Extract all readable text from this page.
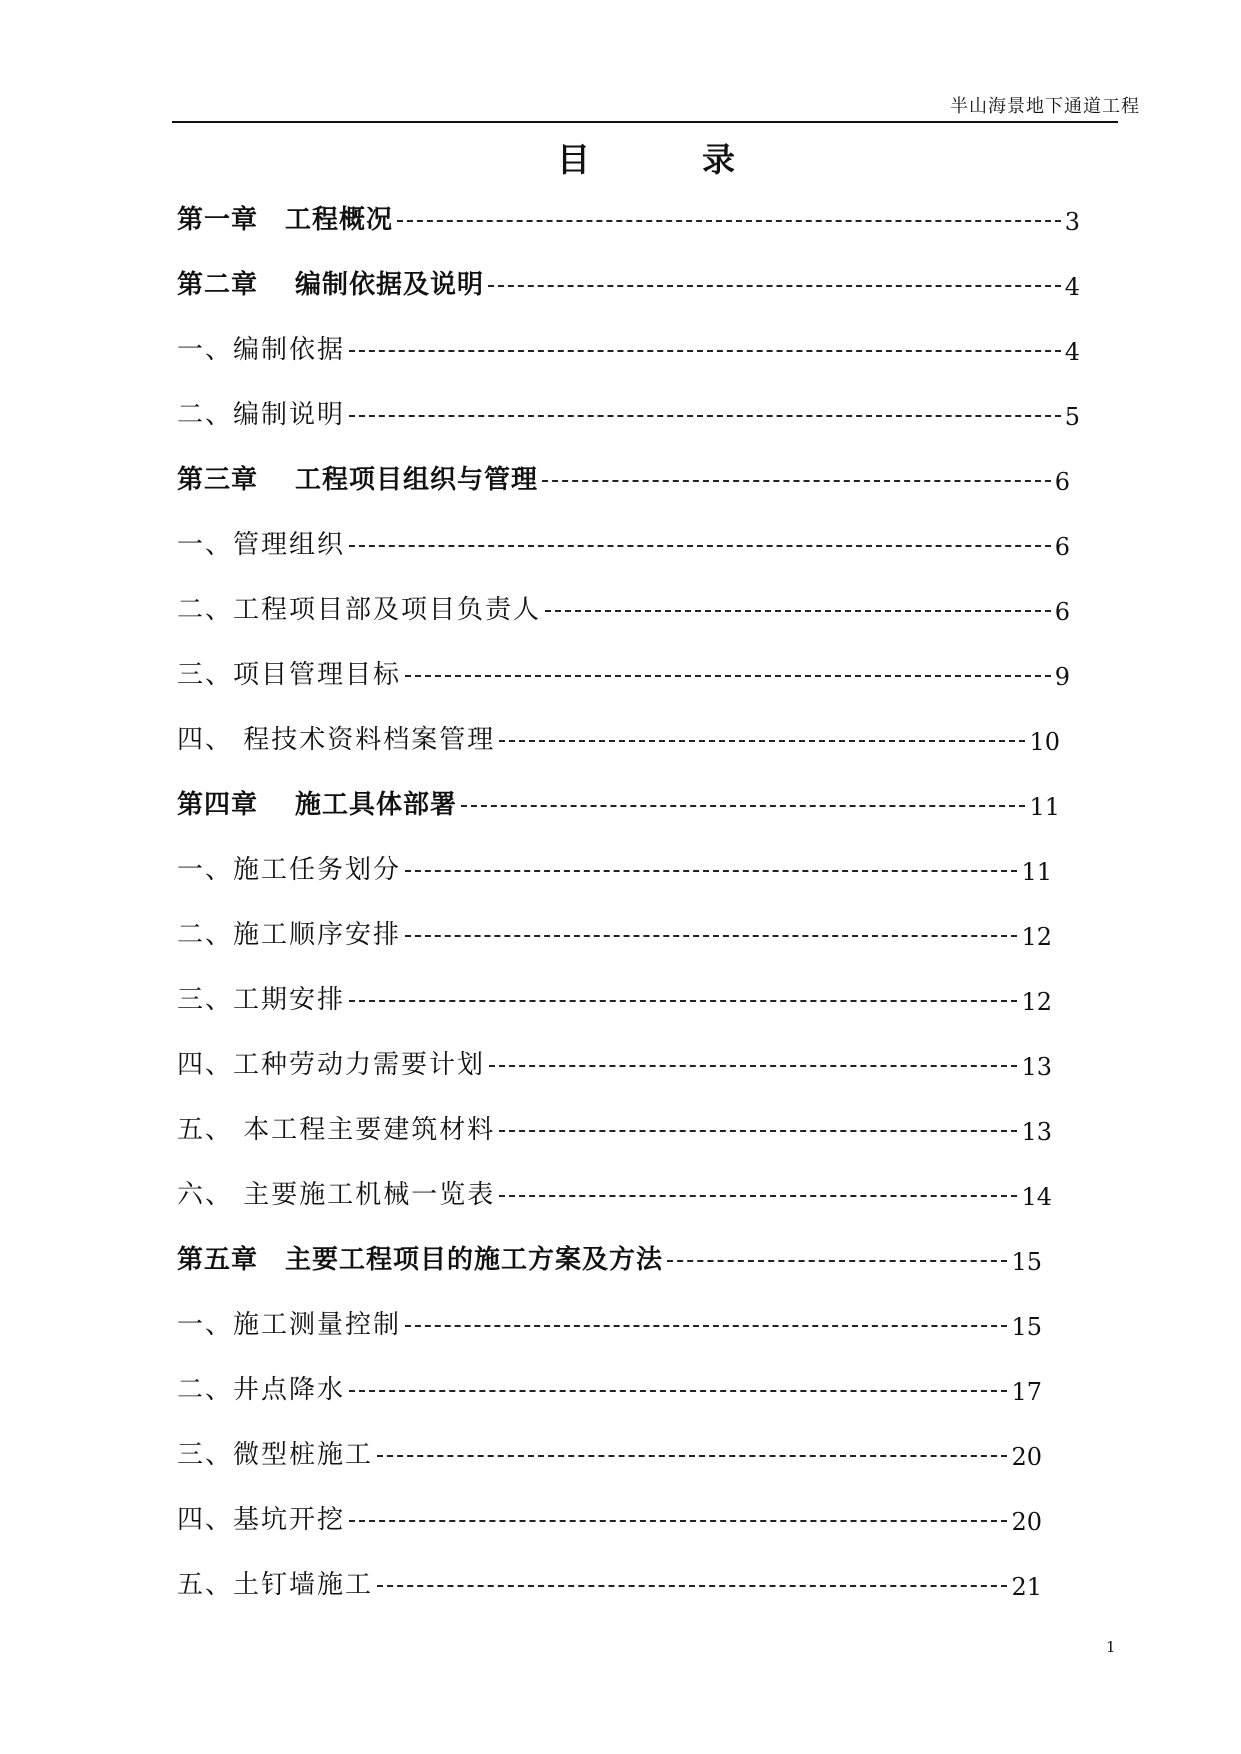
半山海景地下通道工程
目	录
第一章　工程概况	3
第二章　 编制依据及说明	4
一、编制依据	4
二、编制说明	5
第三章　 工程项目组织与管理	6
一、管理组织	6
二、工程项目部及项目负责人	6
三、项目管理目标	9
四、 程技术资料档案管理	10
第四章　 施工具体部署	11
一、施工任务划分	11
二、施工顺序安排	12
三、工期安排	12
四、工种劳动力需要计划	13
五、 本工程主要建筑材料	13
六、 主要施工机械一览表	14
第五章　主要工程项目的施工方案及方法	15
一、施工测量控制	15
二、井点降水	17
三、微型桩施工	20
四、基坑开挖	20
五、土钉墙施工	21
1
